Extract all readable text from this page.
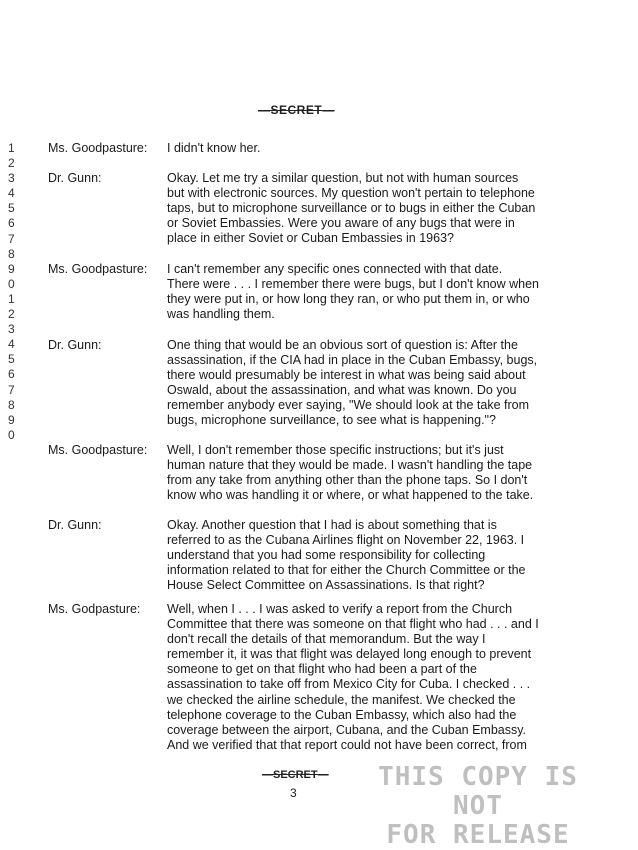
— SECRET —
1
2
3
4
5
6
7
8
9
0
1
2
3
4
5
6
7
8
9
0
Ms. Goodpasture: I didn't know her.
Dr. Gunn:	Okay. Let me try a similar question, but not with human sources
but with electronic sources. My question won't pertain to telephone
taps, but to microphone surveillance or to bugs in either the Cuban
or Soviet Embassies. Were you aware of any bugs that were in
place in either Soviet or Cuban Embassies in 1963?
Ms. Goodpasture: I can't remember any specific ones connected with that date.
There were . . . I remember there were bugs, but I don't know when
they were put in, or how long they ran, or who put them in, or who
was handling them.
Dr. Gunn:	One thing that would be an obvious sort of question is: After the
assassination, if the CIA had in place in the Cuban Embassy, bugs,
there would presumably be interest in what was being said about
Oswald, about the assassination, and what was known. Do you
remember anybody ever saying, "We should look at the take from
bugs, microphone surveillance, to see what is happening."?
Ms. Goodpasture: Well, I don't remember those specific instructions; but it's just
human nature that they would be made. I wasn't handling the tape
from any take from anything other than the phone taps. So I don't
know who was handling it or where, or what happened to the take.
Dr. Gunn:	Okay. Another question that I had is about something that is
referred to as the Cubana Airlines flight on November 22, 1963. I
understand that you had some responsibility for collecting
information related to that for either the Church Committee or the
House Select Committee on Assassinations. Is that right?
Ms. Godpasture: Well, when I . . . I was asked to verify a report from the Church
Committee that there was someone on that flight who had . . . and I
don't recall the details of that memorandum. But the way I
remember it, it was that flight was delayed long enough to prevent
someone to get on that flight who had been a part of the
assassination to take off from Mexico City for Cuba. I checked . . .
we checked the airline schedule, the manifest. We checked the
telephone coverage to the Cuban Embassy, which also had the
coverage between the airport, Cubana, and the Cuban Embassy.
And we verified that that report could not have been correct, from
— SECRET —
3
THIS COPY IS NOT
FOR RELEASE
